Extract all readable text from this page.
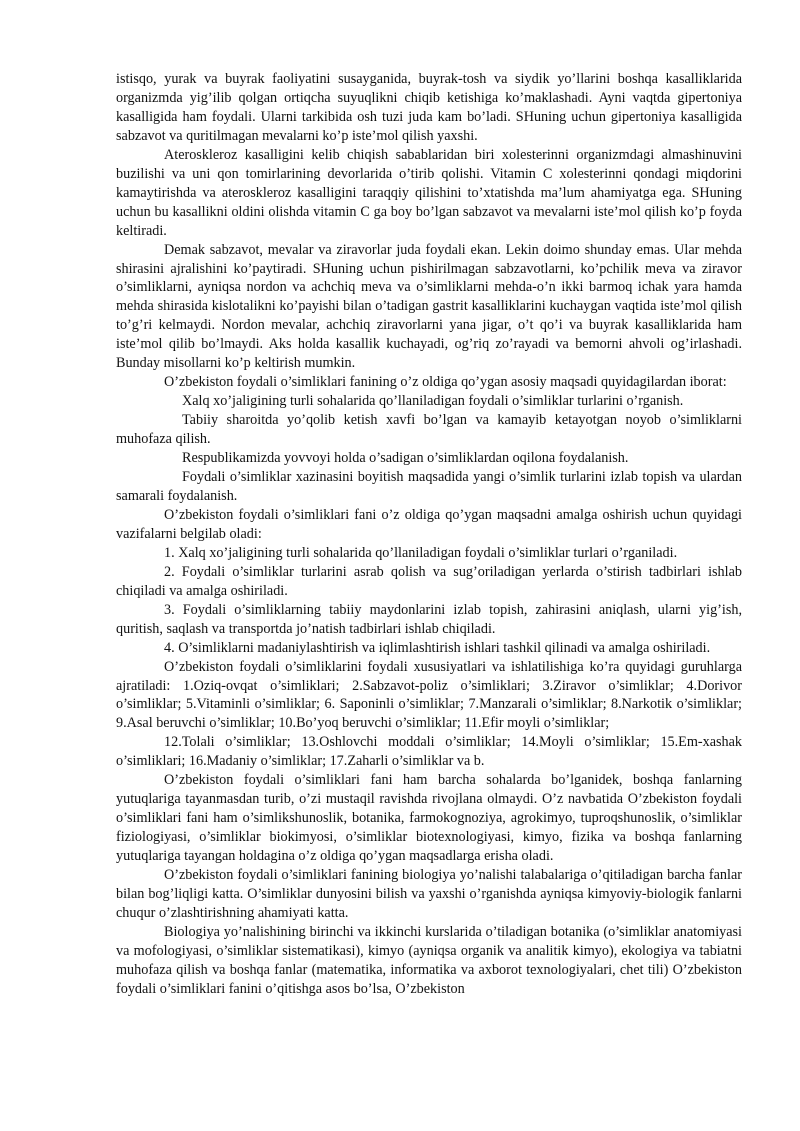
istisqo, yurak va buyrak faoliyatini susayganida, buyrak-tosh va siydik yo’llarini boshqa kasalliklarida organizmda yig’ilib qolgan ortiqcha suyuqlikni chiqib ketishiga ko’maklashadi. Ayni vaqtda gipertoniya kasalligida ham foydali. Ularni tarkibida osh tuzi juda kam bo’ladi. SHuning uchun gipertoniya kasalligida sabzavot va quritilmagan mevalarni ko’p iste’mol qilish yaxshi.

Ateroskleroz kasalligini kelib chiqish sabablaridan biri xolesterinni organizmdagi almashinuvini buzilishi va uni qon tomirlarining devorlarida o’tirib qolishi. Vitamin C xolesterinni qondagi miqdorini kamaytirishda va ateroskleroz kasalligini taraqqiy qilishini to’xtatishda ma’lum ahamiyatga ega. SHuning uchun bu kasallikni oldini olishda vitamin C ga boy bo’lgan sabzavot va mevalarni iste’mol qilish ko’p foyda keltiradi.

Demak sabzavot, mevalar va ziravorlar juda foydali ekan. Lekin doimo shunday emas. Ular mehda shirasini ajralishini ko’paytiradi. SHuning uchun pishirilmagan sabzavotlarni, ko’pchilik meva va ziravor o’simliklarni, ayniqsa nordon va achchiq meva va o’simliklarni mehda-o’n ikki barmoq ichak yara hamda mehda shirasida kislotalikni ko’payishi bilan o’tadigan gastrit kasalliklarini kuchaygan vaqtida iste’mol qilish to’g’ri kelmaydi. Nordon mevalar, achchiq ziravorlarni yana jigar, o’t qo’i va buyrak kasalliklarida ham iste’mol qilib bo’lmaydi. Aks holda kasallik kuchayadi, og’riq zo’rayadi va bemorni ahvoli og’irlashadi. Bunday misollarni ko’p keltirish mumkin.

O’zbekiston foydali o’simliklari fanining o’z oldiga qo’ygan asosiy maqsadi quyidagilardan iborat:

Xalq xo’jaligining turli sohalarida qo’llaniladigan foydali o’simliklar turlarini o’rganish.

Tabiiy sharoitda yo’qolib ketish xavfi bo’lgan va kamayib ketayotgan noyob o’simliklarni muhofaza qilish.

Respublikamizda yovvoyi holda o’sadigan o’simliklardan oqilona foydalanish.

Foydali o’simliklar xazinasini boyitish maqsadida yangi o’simlik turlarini izlab topish va ulardan samarali foydalanish.

O’zbekiston foydali o’simliklari fani o’z oldiga qo’ygan maqsadni amalga oshirish uchun quyidagi vazifalarni belgilab oladi:

1. Xalq xo’jaligining turli sohalarida qo’llaniladigan foydali o’simliklar turlari o’rganiladi.

2. Foydali o’simliklar turlarini asrab qolish va sug’oriladigan yerlarda o’stirish tadbirlari ishlab chiqiladi va amalga oshiriladi.

3. Foydali o’simliklarning tabiiy maydonlarini izlab topish, zahirasini aniqlash, ularni yig’ish, quritish, saqlash va transportda jo’natish tadbirlari ishlab chiqiladi.

4. O’simliklarni madaniylashtirish va iqlimlashtirish ishlari tashkil qilinadi va amalga oshiriladi.

O’zbekiston foydali o’simliklarini foydali xususiyatlari va ishlatilishiga ko’ra quyidagi guruhlarga ajratiladi: 1.Oziq-ovqat o’simliklari; 2.Sabzavot-poliz o’simliklari; 3.Ziravor o’simliklar; 4.Dorivor o’simliklar; 5.Vitaminli o’simliklar; 6. Saponinli o’simliklar; 7.Manzarali o’simliklar; 8.Narkotik o’simliklar; 9.Asal beruvchi o’simliklar; 10.Bo’yoq beruvchi o’simliklar; 11.Efir moyli o’simliklar;

12.Tolali o’simliklar; 13.Oshlovchi moddali o’simliklar; 14.Moyli o’simliklar; 15.Em-xashak o’simliklari; 16.Madaniy o’simliklar; 17.Zaharli o’simliklar va b.

O’zbekiston foydali o’simliklari fani ham barcha sohalarda bo’lganidek, boshqa fanlarning yutuqlariga tayanmasdan turib, o’zi mustaqil ravishda rivojlana olmaydi. O’z navbatida O’zbekiston foydali o’simliklari fani ham o’simlikshunoslik, botanika, farmokognoziya, agrokimyo, tuproqshunoslik, o’simliklar fiziologiyasi, o’simliklar biokimyosi, o’simliklar biotexnologiyasi, kimyo, fizika va boshqa fanlarning yutuqlariga tayangan holdagina o’z oldiga qo’ygan maqsadlarga erisha oladi.

O’zbekiston foydali o’simliklari fanining biologiya yo’nalishi talabalariga o’qitiladigan barcha fanlar bilan bog’liqligi katta. O’simliklar dunyosini bilish va yaxshi o’rganishda ayniqsa kimyoviy-biologik fanlarni chuqur o’zlashtirishning ahamiyati katta.

Biologiya yo’nalishining birinchi va ikkinchi kurslarida o’tiladigan botanika (o’simliklar anatomiyasi va mofologiyasi, o’simliklar sistematikasi), kimyo (ayniqsa organik va analitik kimyo), ekologiya va tabiatni muhofaza qilish va boshqa fanlar (matematika, informatika va axborot texnologiyalari, chet tili) O’zbekiston foydali o’simliklari fanini o’qitishga asos bo’lsa, O’zbekiston
